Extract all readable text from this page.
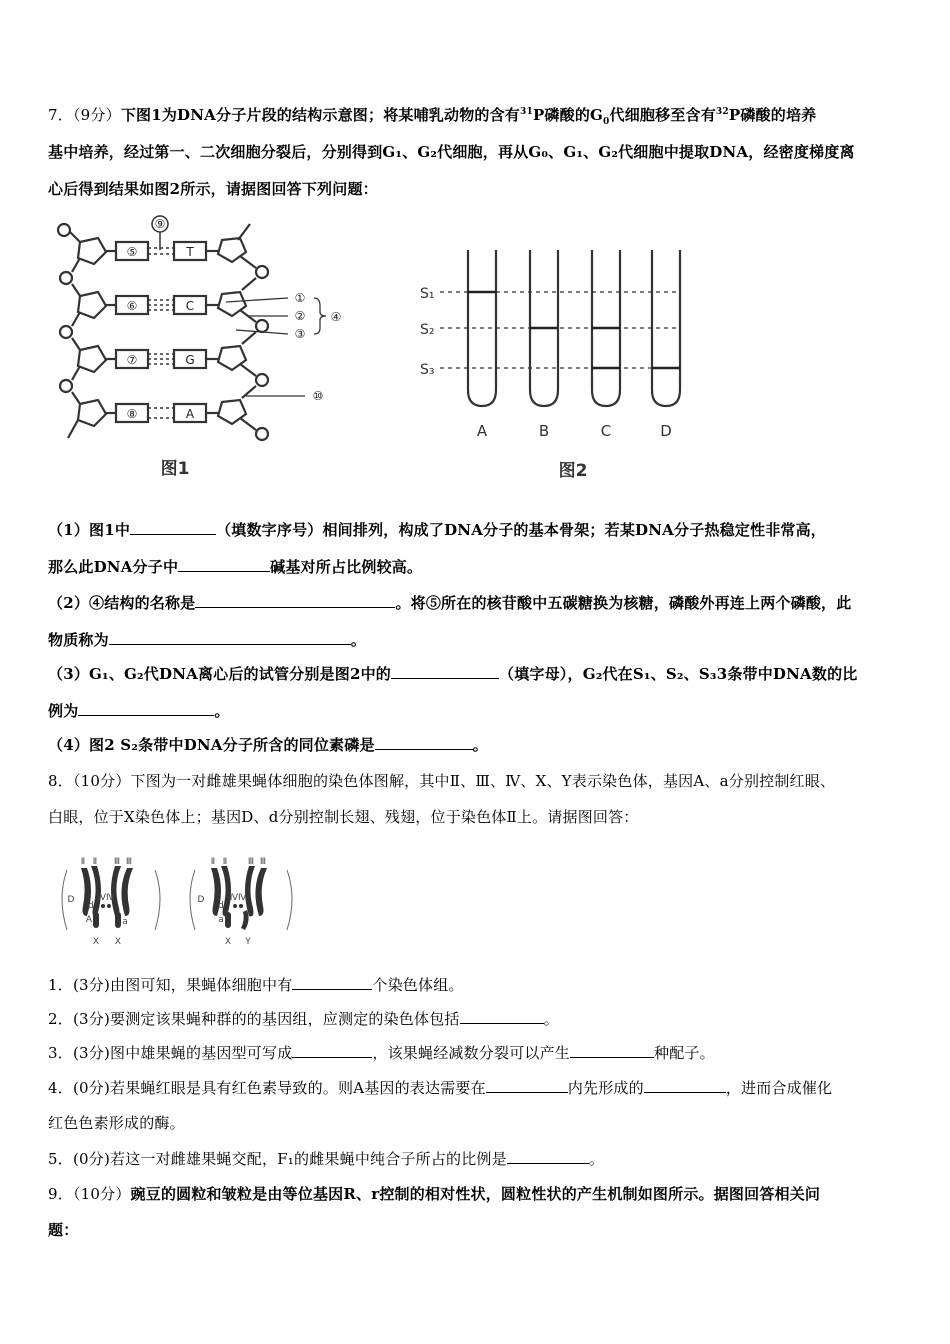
7．（9分）下图1为DNA分子片段的结构示意图；将某哺乳动物的含有$^{31}$P磷酸的$G_0$代细胞移至含有$^{32}$P磷酸的培养
基中培养，经过第一、二次细胞分裂后，分别得到G₁、G₂代细胞，再从G₀、G₁、G₂代细胞中提取DNA，经密度梯度离
心后得到结果如图2所示，请据图回答下列问题：
⑨
⑤
⑥
⑦
⑧
T
C
G
A
①
②
③
④
⑩
图1
S₁
S₂
S₃
A	B	C	D
图2
（1）图1中	（填数字序号）相间排列，构成了DNA分子的基本骨架；若某DNA分子热稳定性非常高，
那么此DNA分子中	碱基对所占比例较高。
（2）④结构的名称是	。将⑤所在的核苷酸中五碳糖换为核糖，磷酸外再连上两个磷酸，此
物质称为	。
（3）G₁、G₂代DNA离心后的试管分别是图2中的	（填字母），G₂代在S₁、S₂、S₃3条带中DNA数的比
例为	。
（4）图2 S₂条带中DNA分子所含的同位素磷是	。
8．（10分）下图为一对雌雄果蝇体细胞的染色体图解，其中Ⅱ、Ⅲ、Ⅳ、X、Y表示染色体，基因A、a分别控制红眼、
白眼，位于X染色体上；基因D、d分别控制长翅、残翅，位于染色体Ⅱ上。请据图回答：
Ⅱ Ⅱ Ⅲ Ⅲ
ⅣⅣ
D
d
A	a
X X
Ⅱ Ⅱ Ⅲ Ⅲ
ⅣⅣ
D
d
a
X Y
1．(3分)由图可知，果蝇体细胞中有	个染色体组。
2．(3分)要测定该果蝇种群的的基因组，应测定的染色体包括	。
3．(3分)图中雄果蝇的基因型可写成	，该果蝇经减数分裂可以产生	种配子。
4．(0分)若果蝇红眼是具有红色素导致的。则A基因的表达需要在	内先形成的	，进而合成催化
红色色素形成的酶。
5．(0分)若这一对雌雄果蝇交配，F₁的雌果蝇中纯合子所占的比例是	。
9．（10分）豌豆的圆粒和皱粒是由等位基因R、r控制的相对性状，圆粒性状的产生机制如图所示。据图回答相关问
题：
